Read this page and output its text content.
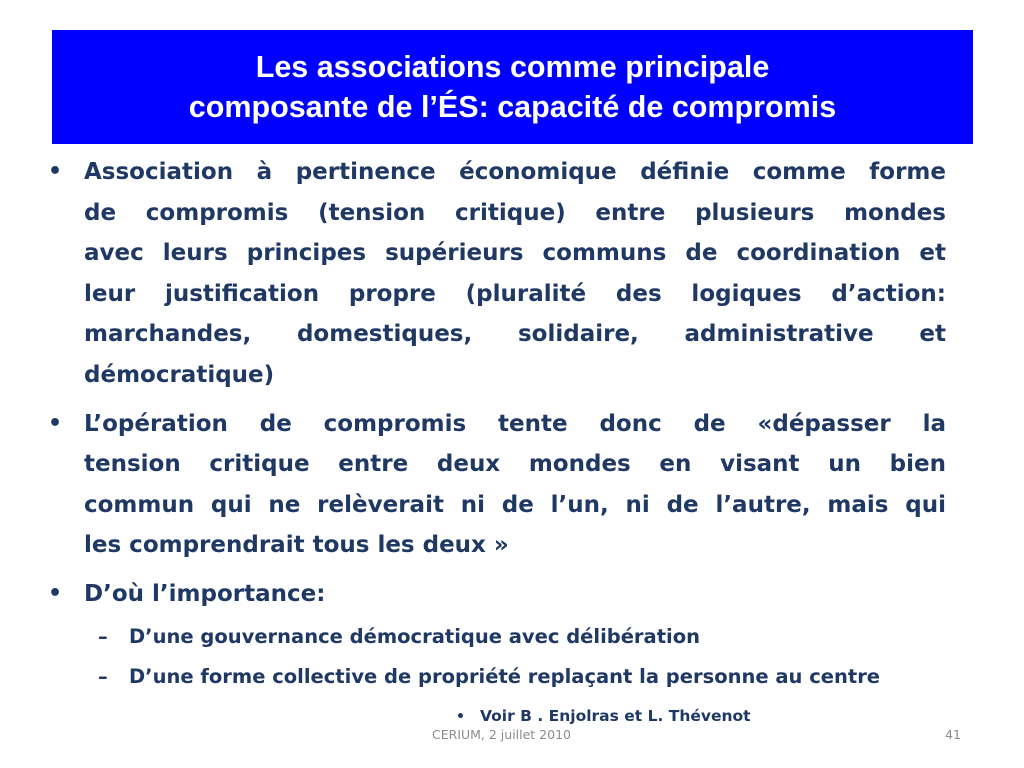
Les associations comme principale
composante de l’ÉS: capacité de compromis
• Association à pertinence économique définie comme forme
de compromis (tension critique) entre plusieurs mondes
avec leurs principes supérieurs communs de coordination et
leur justification propre (pluralité des logiques d’action:
marchandes, domestiques, solidaire, administrative et
démocratique)
• L’opération de compromis tente donc de «dépasser la
tension critique entre deux mondes en visant un bien
commun qui ne relèverait ni de l’un, ni de l’autre, mais qui
les comprendrait tous les deux »
• D’où l’importance:
– D’une gouvernance démocratique avec délibération
– D’une forme collective de propriété replaçant la personne au centre
• Voir B . Enjolras et L. Thévenot
CERIUM, 2 juillet 2010	41
